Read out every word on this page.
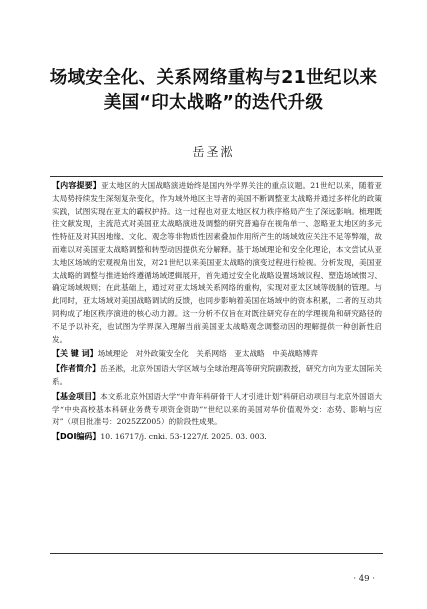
场域安全化、关系网络重构与21世纪以来
美国“印太战略”的迭代升级
岳圣淞

【内容提要】亚太地区的大国战略演进始终是国内外学界关注的重点议题。21世纪以来，随着亚太局势持续发生深刻复杂变化，作为域外地区主导者的美国不断调整亚太战略并通过多样化的政策实践，试图实现在亚太的霸权护持。这一过程也对亚太地区权力秩序格局产生了深远影响。梳理既往文献发现，主流范式对美国亚太战略演进及调整的研究普遍存在视角单一、忽略亚太地区的多元性特征及对其因地缘、文化、观念等非物质性因素叠加作用所产生的场域效应关注不足等弊端，故而难以对美国亚太战略调整和转型动因提供充分解释。基于场域理论和安全化理论，本文尝试从亚太地区场域的宏观视角出发，对21世纪以来美国亚太战略的演变过程进行检视。分析发现，美国亚太战略的调整与推进始终遵循场域逻辑展开，首先通过安全化战略设置场域议程、塑造场域惯习、确定场域规则；在此基础上，通过对亚太场域关系网络的重构，实现对亚太区域等级制的管理。与此同时，亚太场域对美国战略调试的反馈，也同步影响着美国在场域中的资本积累，二者的互动共同构成了地区秩序演进的核心动力源。这一分析不仅旨在对既往研究存在的学理视角和研究路径的不足予以补充，也试图为学界深入理解当前美国亚太战略观念调整动因的理解提供一种创新性启发。

【关 键 词】场域理论　对外政策安全化　关系网络　亚太战略　中美战略博弈

【作者简介】岳圣淞，北京外国语大学区域与全球治理高等研究院副教授，研究方向为亚太国际关系。

【基金项目】本文系北京外国语大学“中青年科研骨干人才引进计划”科研启动项目与北京外国语大学“中央高校基本科研业务费专项资金资助”“世纪以来的美国对华价值观外交：态势、影响与应对”（项目批准号：2025ZZ005）的阶段性成果。

【DOI编码】10. 16717/j. cnki. 53-1227/f. 2025. 03. 003.

· 49 ·
